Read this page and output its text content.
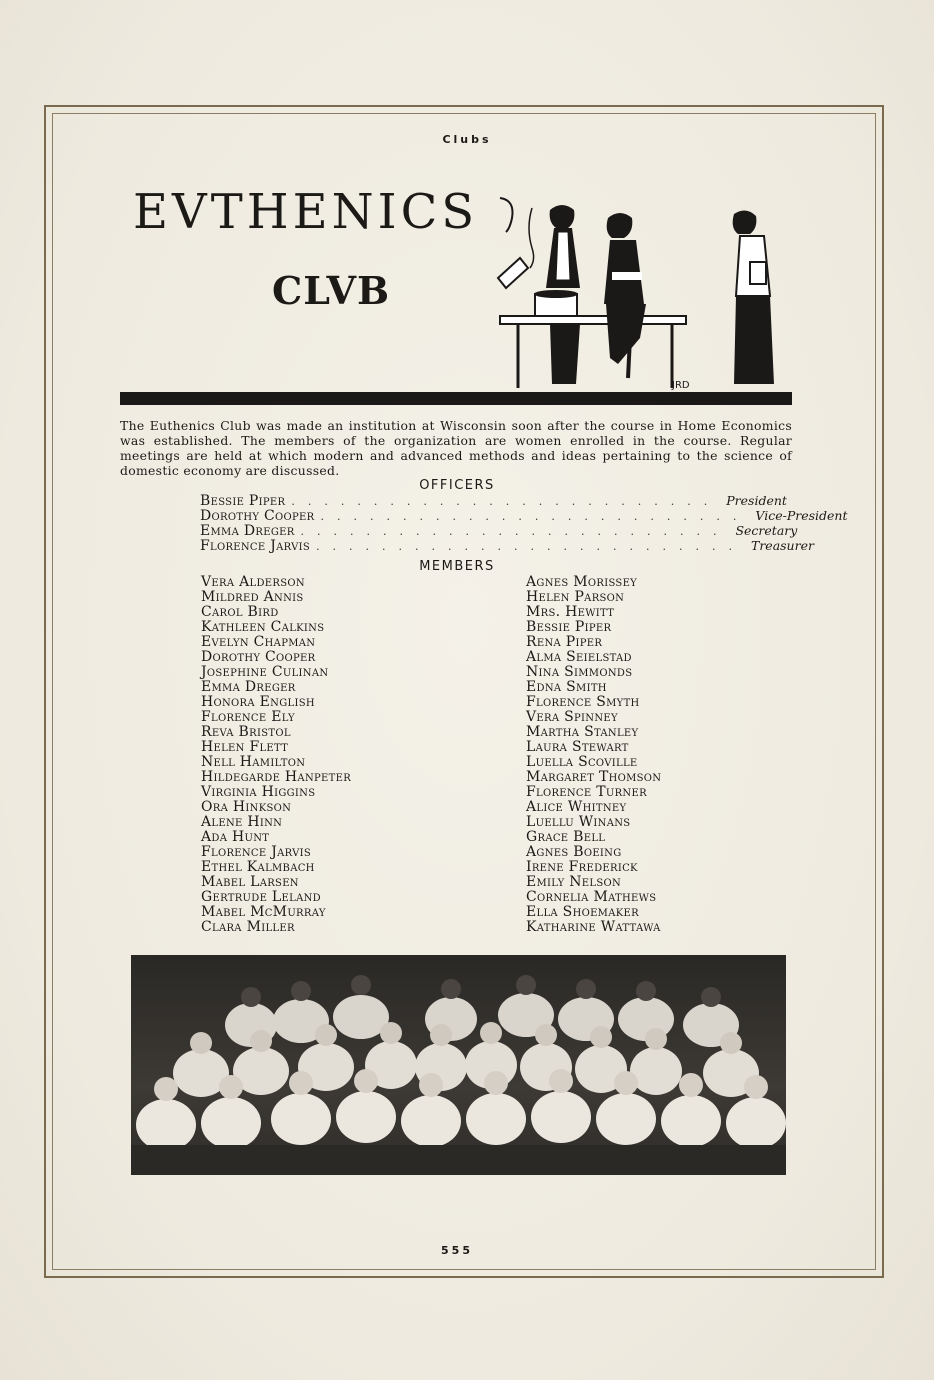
Clubs
EVTHENICS
CLVB
JRD
The Euthenics Club was made an institution at Wisconsin soon after the course in Home Economics was established. The members of the organization are women enrolled in the course. Regular meetings are held at which modern and advanced methods and ideas pertaining to the science of domestic economy are discussed.
OFFICERS
Bessie Piper .......................... President
Dorothy Cooper .......................... Vice-President
Emma Dreger .......................... Secretary
Florence Jarvis .......................... Treasurer
MEMBERS
Vera Alderson
Mildred Annis
Carol Bird
Kathleen Calkins
Evelyn Chapman
Dorothy Cooper
Josephine Culinan
Emma Dreger
Honora English
Florence Ely
Reva Bristol
Helen Flett
Nell Hamilton
Hildegarde Hanpeter
Virginia Higgins
Ora Hinkson
Alene Hinn
Ada Hunt
Florence Jarvis
Ethel Kalmbach
Mabel Larsen
Gertrude Leland
Mabel McMurray
Clara Miller
Agnes Morissey
Helen Parson
Mrs. Hewitt
Bessie Piper
Rena Piper
Alma Seielstad
Nina Simmonds
Edna Smith
Florence Smyth
Vera Spinney
Martha Stanley
Laura Stewart
Luella Scoville
Margaret Thomson
Florence Turner
Alice Whitney
Luellu Winans
Grace Bell
Agnes Boeing
Irene Frederick
Emily Nelson
Cornelia Mathews
Ella Shoemaker
Katharine Wattawa
555
